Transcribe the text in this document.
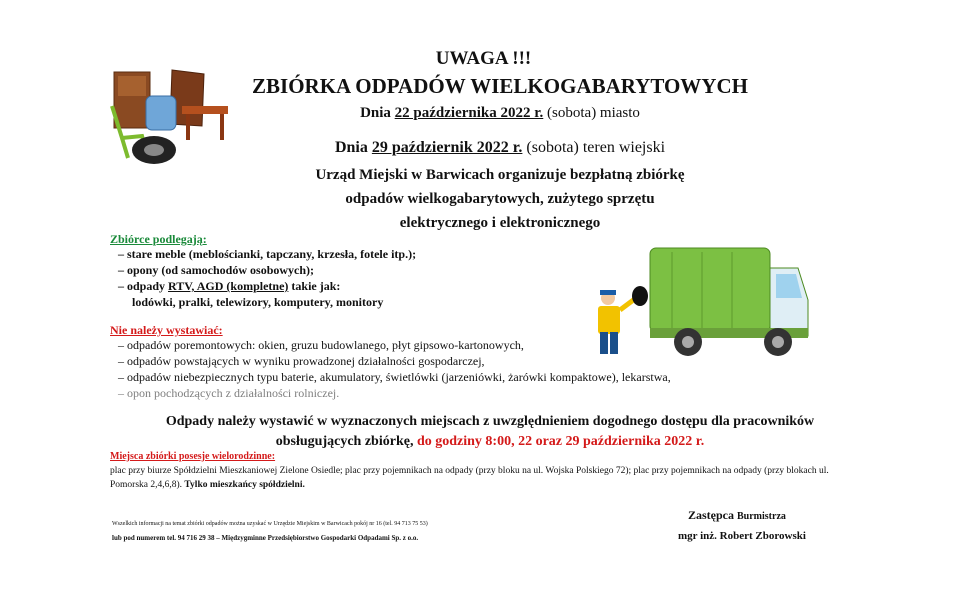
UWAGA !!!
ZBIÓRKA ODPADÓW WIELKOGABARYTOWYCH
Dnia 22 października 2022 r. (sobota) miasto
Dnia 29 październik 2022 r. (sobota) teren wiejski
Urząd Miejski w Barwicach organizuje bezpłatną zbiórkę
odpadów wielkogabarytowych, zużytego sprzętu
elektrycznego i elektronicznego
Zbiórce podlegają:
– stare meble (meblościanki, tapczany, krzesła, fotele itp.);
– opony (od samochodów osobowych);
– odpady RTV, AGD (kompletne) takie jak:
lodówki, pralki, telewizory, komputery, monitory
Nie należy wystawiać:
– odpadów poremontowych: okien, gruzu budowlanego, płyt gipsowo-kartonowych,
– odpadów powstających w wyniku prowadzonej działalności gospodarczej,
– odpadów niebezpiecznych typu baterie, akumulatory, świetlówki (jarzeniówki, żarówki kompaktowe), lekarstwa,
– opon pochodzących z działalności rolniczej.
Odpady należy wystawić w wyznaczonych miejscach z uwzględnieniem dogodnego dostępu dla pracowników obsługujących zbiórkę, do godziny 8:00, 22 oraz 29 października 2022 r.
Miejsca zbiórki posesje wielorodzinne:
plac przy biurze Spółdzielni Mieszkaniowej Zielone Osiedle; plac przy pojemnikach na odpady (przy bloku na ul. Wojska Polskiego 72); plac przy pojemnikach na odpady (przy blokach ul. Pomorska 2,4,6,8). Tylko mieszkańcy spółdzielni.
Wszelkich informacji na temat zbiórki odpadów można uzyskać w Urzędzie Miejskim w Barwicach pokój nr 16 (tel. 94 713 75 53)
lub pod numerem tel. 94 716 29 38 – Międzygminne Przedsiębiorstwo Gospodarki Odpadami Sp. z o.o.
Zastępca Burmistrza
mgr inż. Robert Zborowski
